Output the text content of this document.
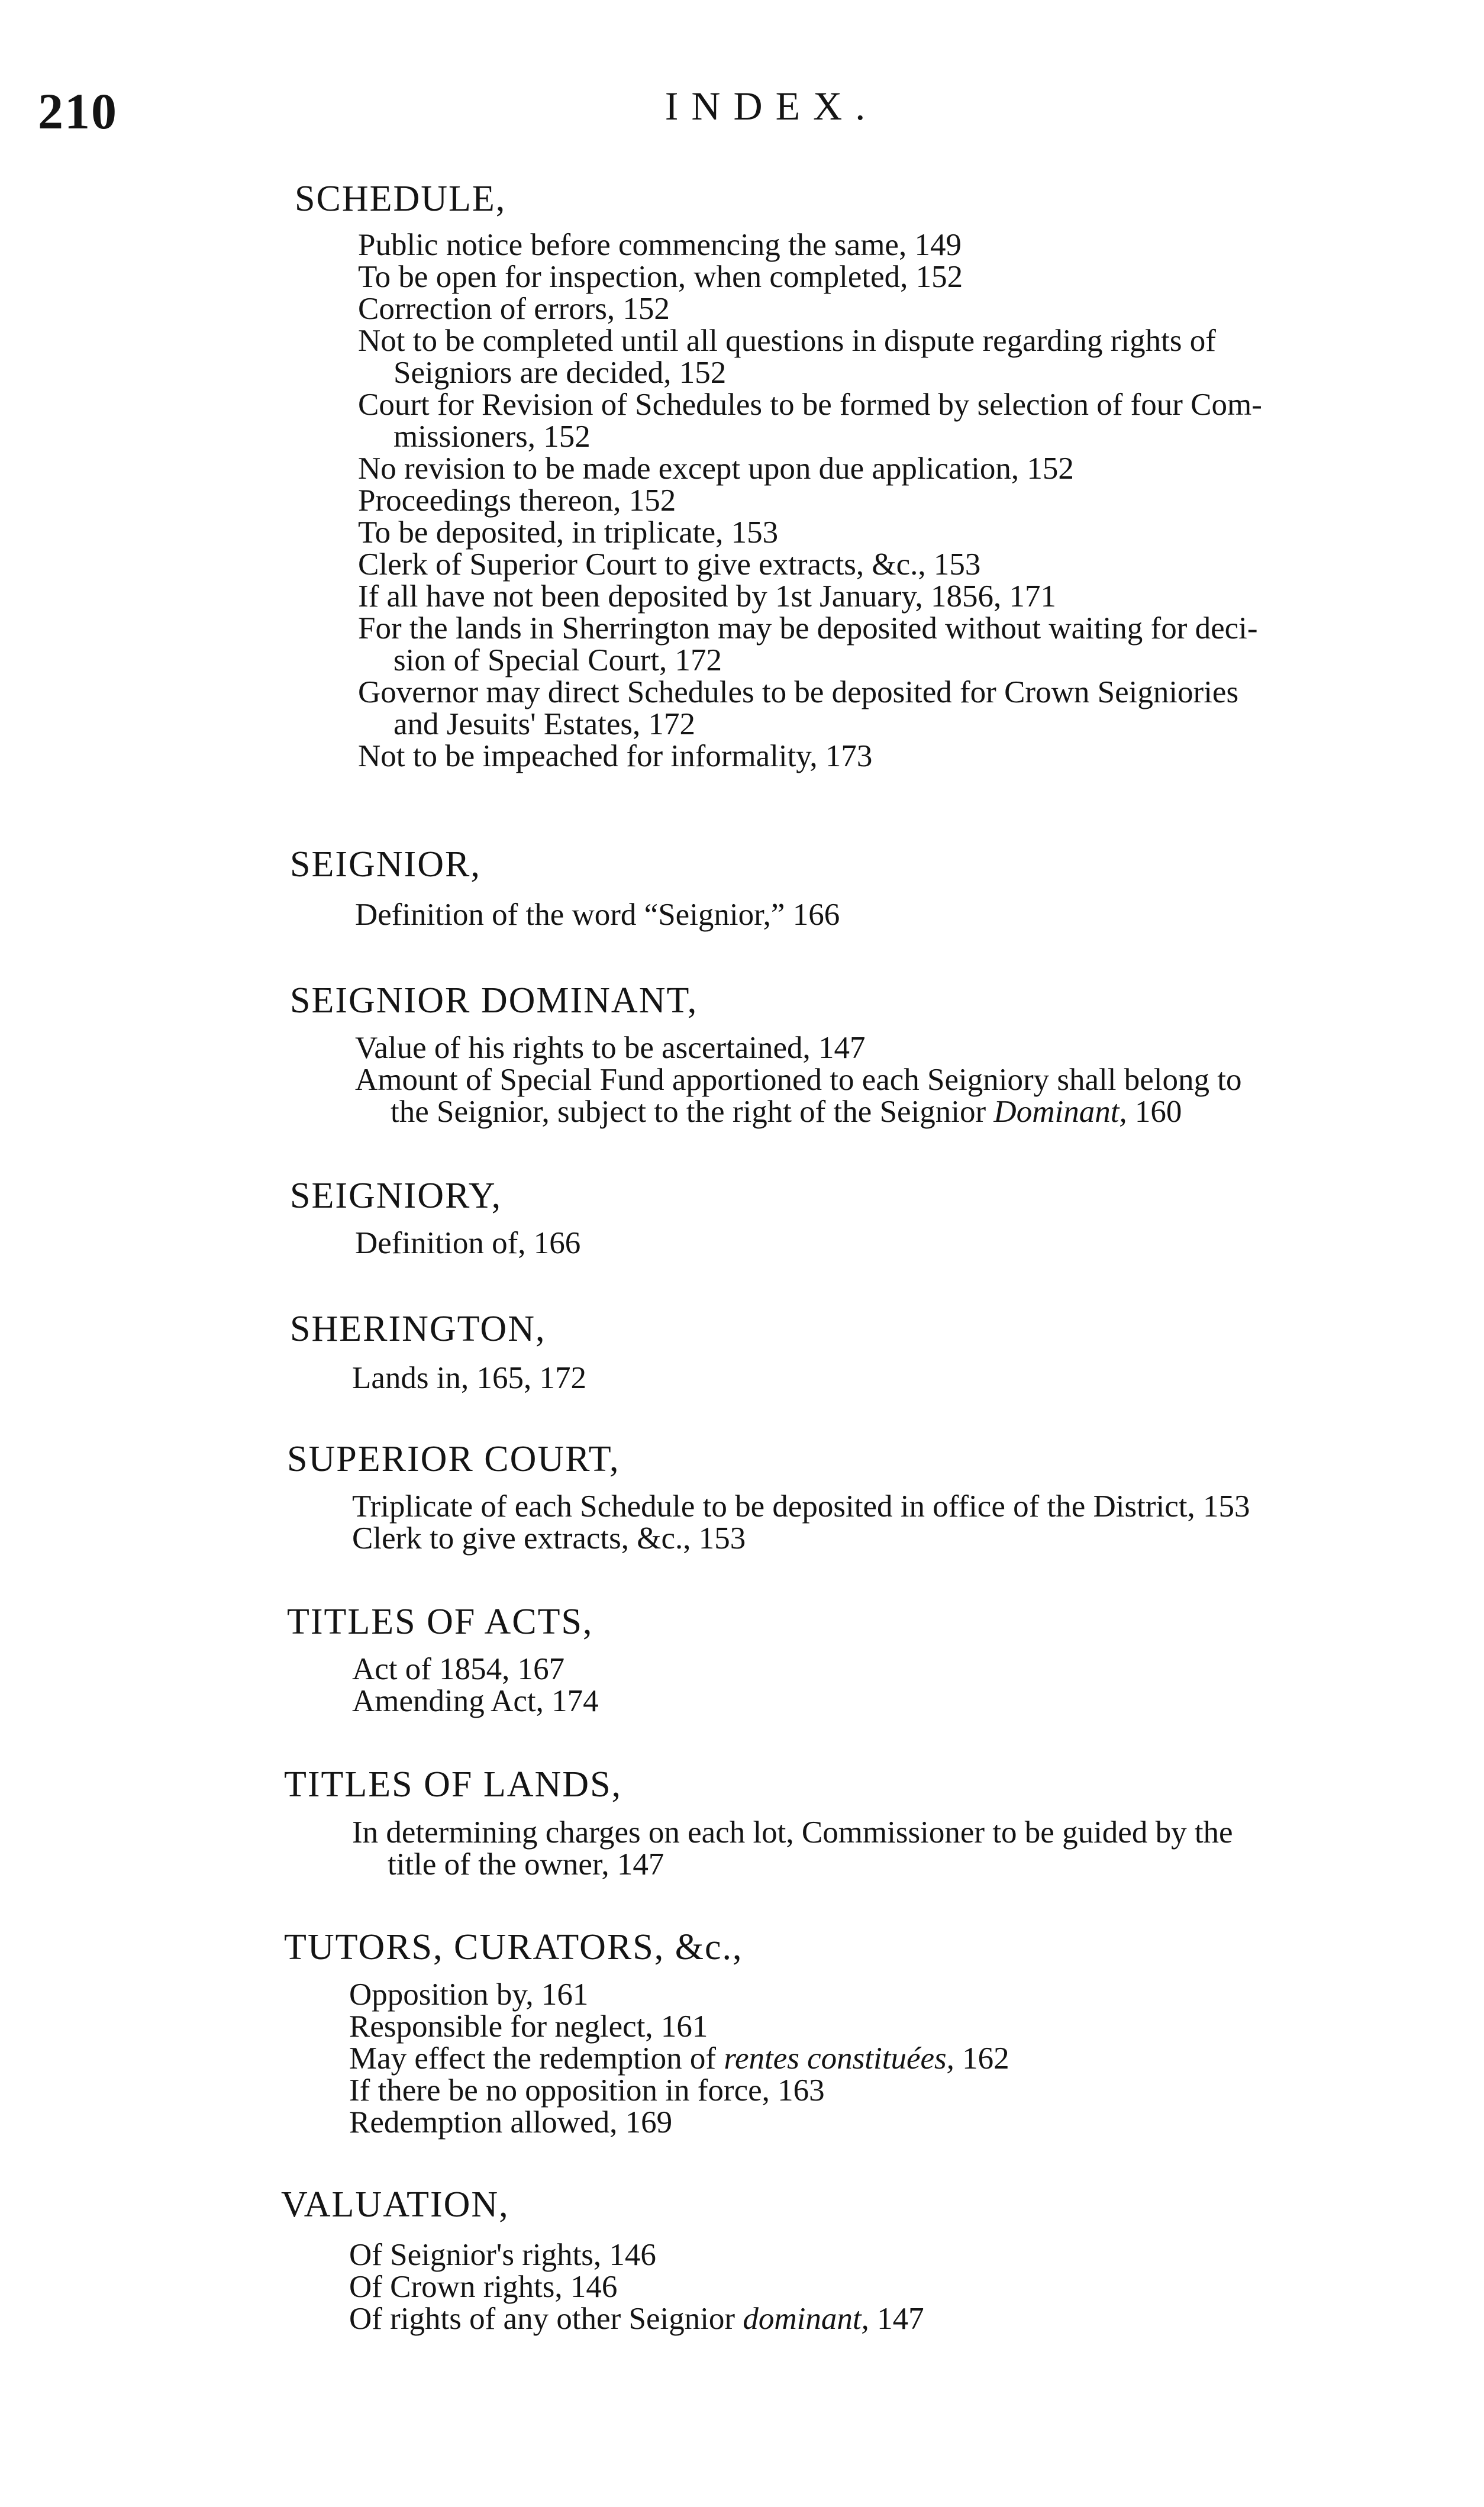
210	INDEX.
SCHEDULE,
Public notice before commencing the same, 149
To be open for inspection, when completed, 152
Correction of errors, 152
Not to be completed until all questions in dispute regarding rights of
Seigniors are decided, 152
Court for Revision of Schedules to be formed by selection of four Com-
missioners, 152
No revision to be made except upon due application, 152
Proceedings thereon, 152
To be deposited, in triplicate, 153
Clerk of Superior Court to give extracts, &c., 153
If all have not been deposited by 1st January, 1856, 171
For the lands in Sherrington may be deposited without waiting for deci-
sion of Special Court, 172
Governor may direct Schedules to be deposited for Crown Seigniories
and Jesuits' Estates, 172
Not to be impeached for informality, 173
SEIGNIOR,
Definition of the word “Seignior,” 166
SEIGNIOR DOMINANT,
Value of his rights to be ascertained, 147
Amount of Special Fund apportioned to each Seigniory shall belong to
the Seignior, subject to the right of the Seignior Dominant, 160
SEIGNIORY,
Definition of, 166
SHERINGTON,
Lands in, 165, 172
SUPERIOR COURT,
Triplicate of each Schedule to be deposited in office of the District, 153
Clerk to give extracts, &c., 153
TITLES OF ACTS,
Act of 1854, 167
Amending Act, 174
TITLES OF LANDS,
In determining charges on each lot, Commissioner to be guided by the
title of the owner, 147
TUTORS, CURATORS, &c.,
Opposition by, 161
Responsible for neglect, 161
May effect the redemption of rentes constituées, 162
If there be no opposition in force, 163
Redemption allowed, 169
VALUATION,
Of Seignior's rights, 146
Of Crown rights, 146
Of rights of any other Seignior dominant, 147
